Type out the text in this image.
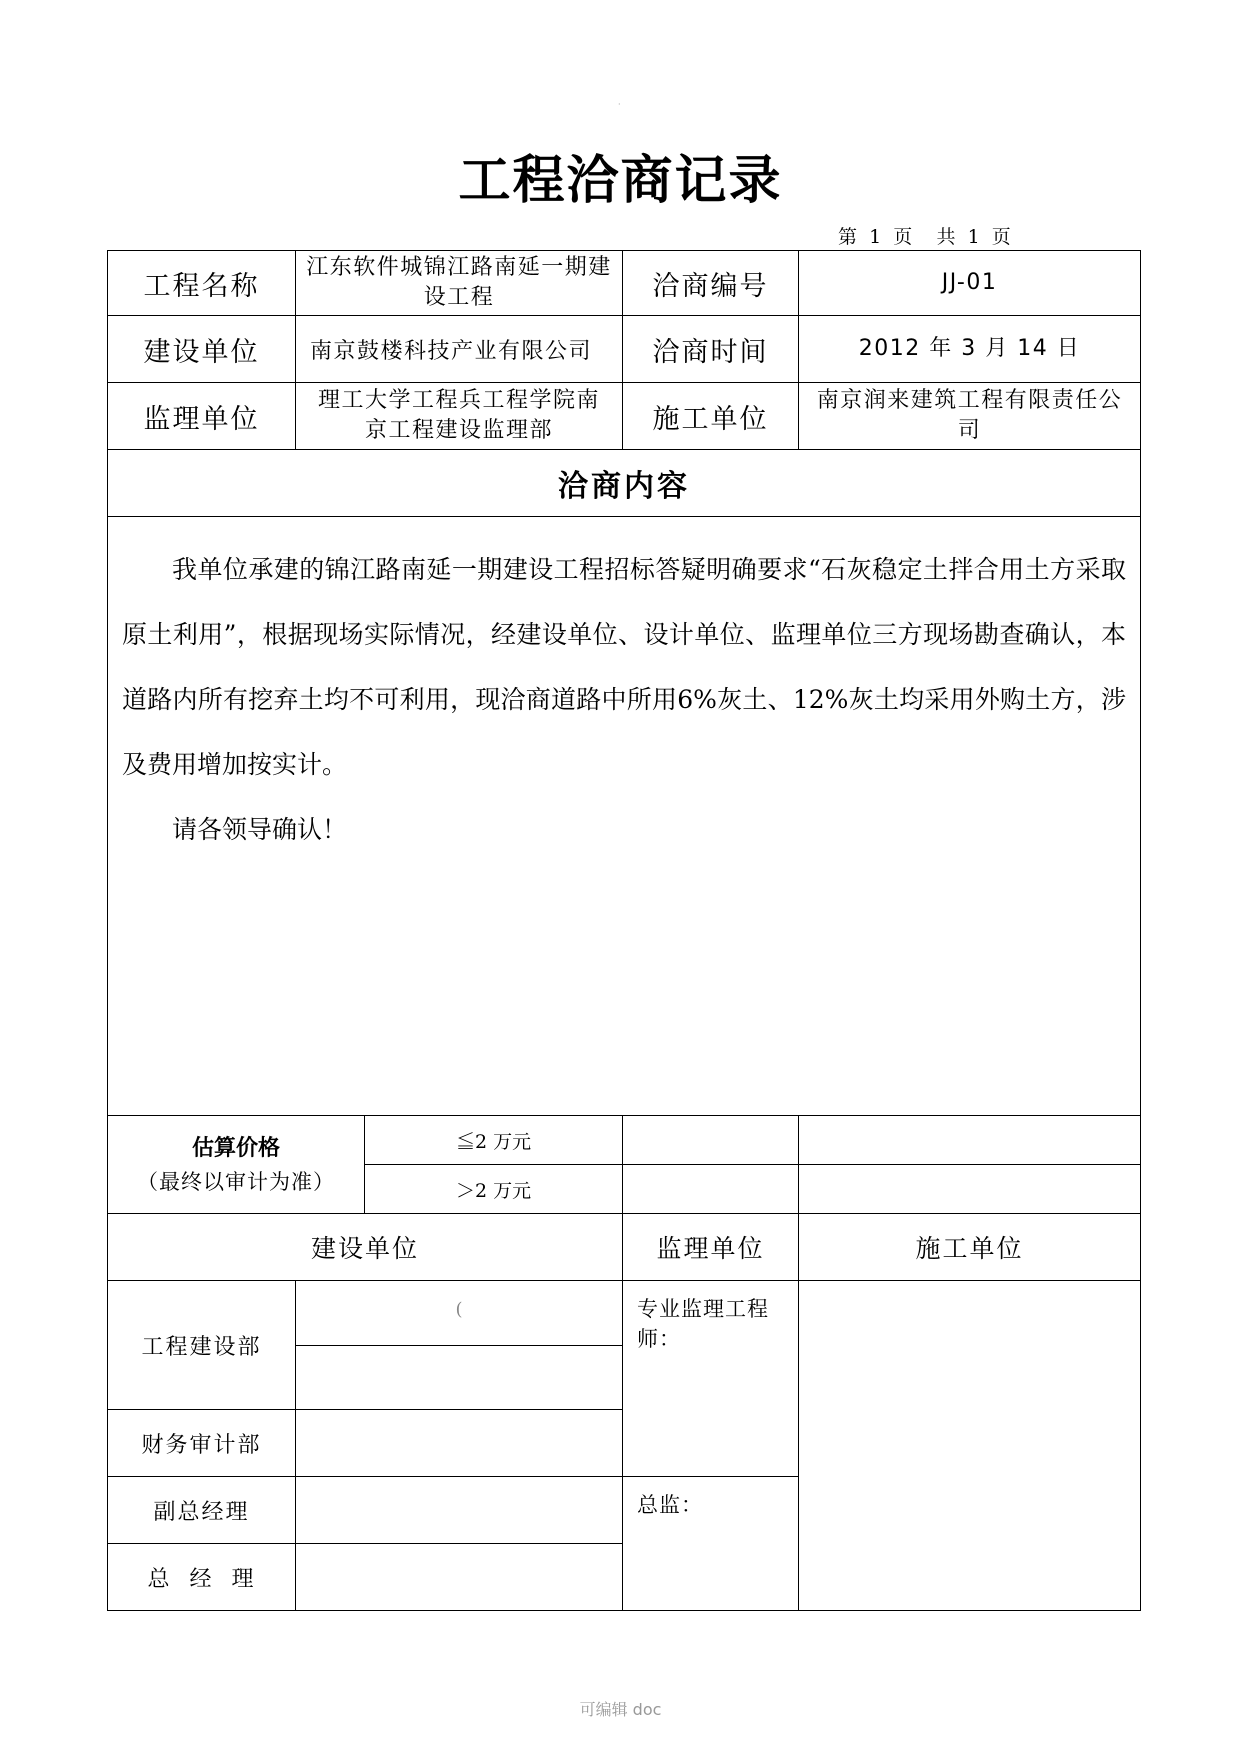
·
工程洽商记录
第 1 页 共 1 页
工程名称	江东软件城锦江路南延一期建设工程		洽商编号	JJ-01
建设单位	南京鼓楼科技产业有限公司		洽商时间	2012 年 3 月 14 日
监理单位	理工大学工程兵工程学院南京工程建设监理部		施工单位	南京润来建筑工程有限责任公司
洽商内容				

我单位承建的锦江路南延一期建设工程招标答疑明确要求“石灰稳定土拌合用土方采取原土利用”，根据现场实际情况，经建设单位、设计单位、监理单位三方现场勘查确认，本道路内所有挖弃土均不可利用，现洽商道路中所用6%灰土、12%灰土均采用外购土方，涉及费用增加按实计。

请各领导确认！				

估算价格
（最终以审计为准）		≦2 万元		
		＞2 万元		
建设单位			监理单位	施工单位
工程建设部	(		专业监理工程师：	

财务审计部				
副总经理			总监：	
总  经  理				
可编辑 doc
